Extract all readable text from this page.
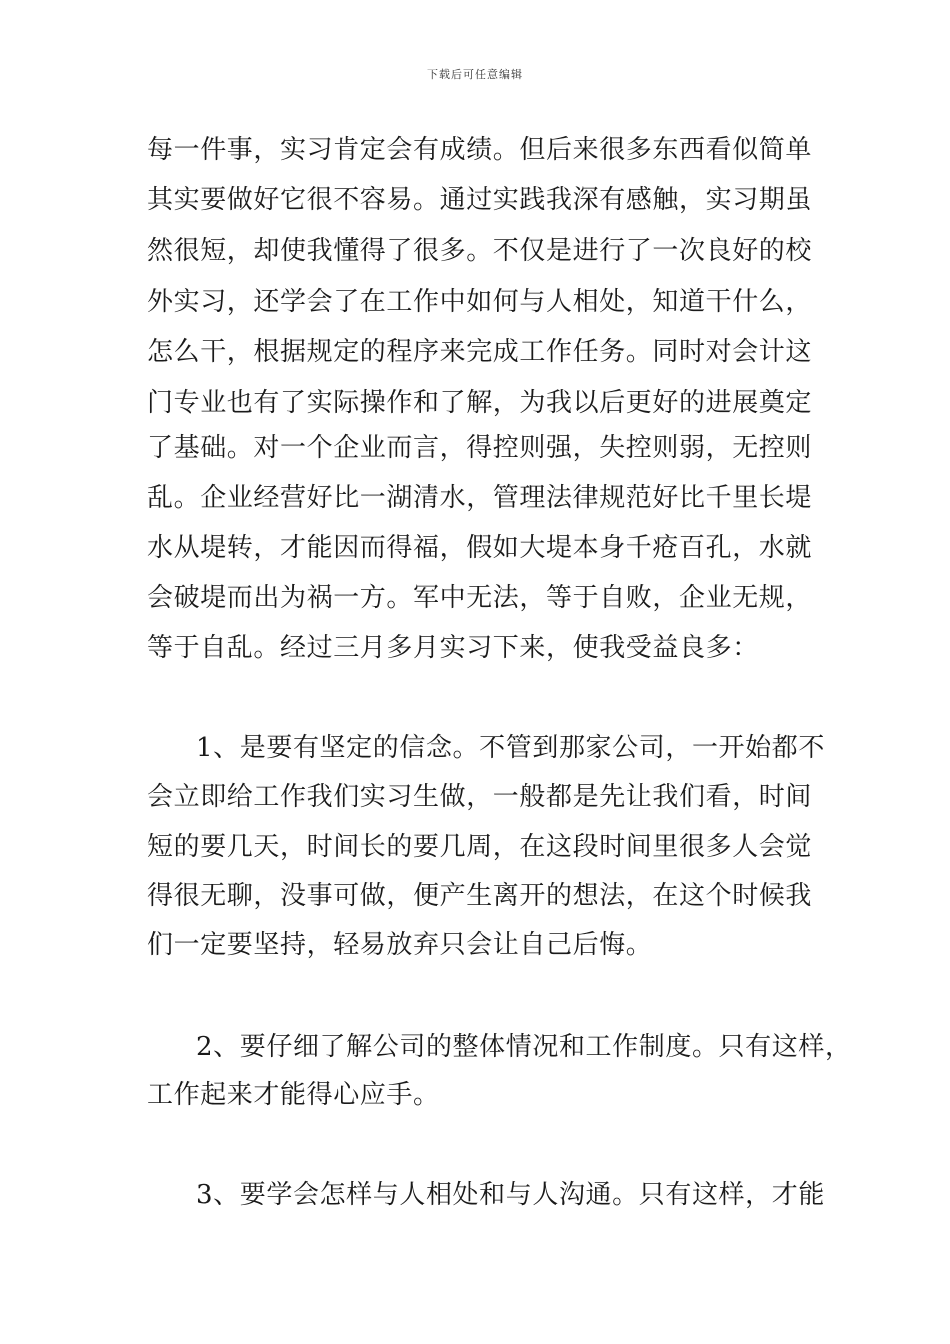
下载后可任意编辑
每一件事，实习肯定会有成绩。但后来很多东西看似简单
其实要做好它很不容易。通过实践我深有感触，实习期虽
然很短，却使我懂得了很多。不仅是进行了一次良好的校
外实习，还学会了在工作中如何与人相处，知道干什么，
怎么干，根据规定的程序来完成工作任务。同时对会计这
门专业也有了实际操作和了解，为我以后更好的进展奠定
了基础。对一个企业而言，得控则强，失控则弱，无控则
乱。企业经营好比一湖清水，管理法律规范好比千里长堤
水从堤转，才能因而得福，假如大堤本身千疮百孔，水就
会破堤而出为祸一方。军中无法，等于自败，企业无规，
等于自乱。经过三月多月实习下来，使我受益良多：
1、是要有坚定的信念。不管到那家公司，一开始都不
会立即给工作我们实习生做，一般都是先让我们看，时间
短的要几天，时间长的要几周，在这段时间里很多人会觉
得很无聊，没事可做，便产生离开的想法，在这个时候我
们一定要坚持，轻易放弃只会让自己后悔。
2、要仔细了解公司的整体情况和工作制度。只有这样，
工作起来才能得心应手。
3、要学会怎样与人相处和与人沟通。只有这样，才能
